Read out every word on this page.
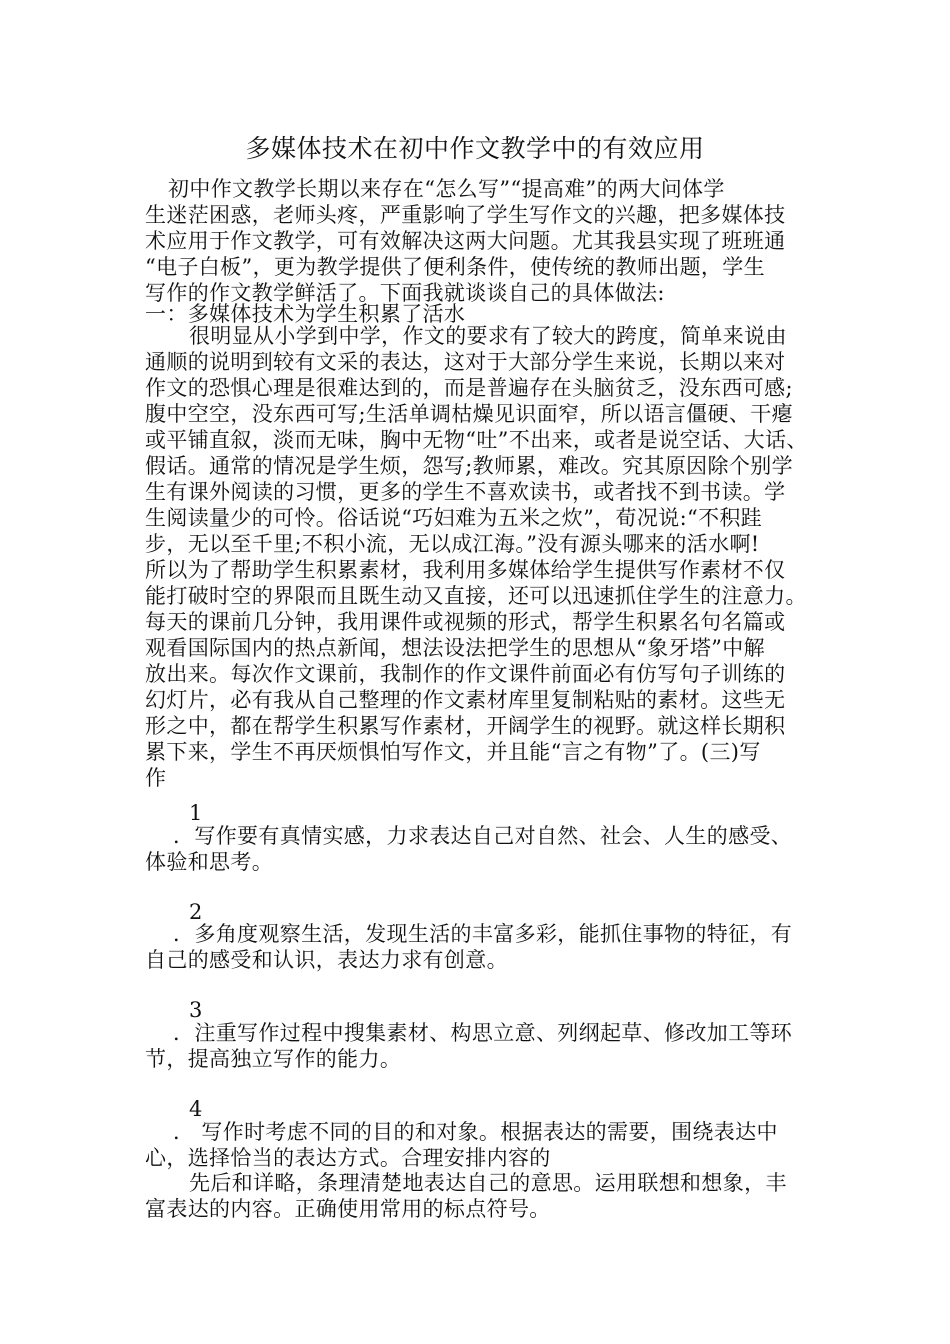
多媒体技术在初中作文教学中的有效应用
初中作文教学长期以来存在“怎么写”“提高难”的两大问体学
生迷茫困惑，老师头疼，严重影响了学生写作文的兴趣，把多媒体技
术应用于作文教学，可有效解决这两大问题。尤其我县实现了班班通
“电子白板”，更为教学提供了便利条件，使传统的教师出题，学生
写作的作文教学鲜活了。下面我就谈谈自己的具体做法:
一：多媒体技术为学生积累了活水
很明显从小学到中学，作文的要求有了较大的跨度，简单来说由
通顺的说明到较有文采的表达，这对于大部分学生来说，长期以来对
作文的恐惧心理是很难达到的，而是普遍存在头脑贫乏，没东西可感;
腹中空空，没东西可写;生活单调枯燥见识面窄，所以语言僵硬、干瘪
或平铺直叙，淡而无味，胸中无物“吐”不出来，或者是说空话、大话、
假话。通常的情况是学生烦，怨写;教师累，难改。究其原因除个别学
生有课外阅读的习惯，更多的学生不喜欢读书，或者找不到书读。学
生阅读量少的可怜。俗话说“巧妇难为五米之炊”，荀况说:“不积跬
步，无以至千里;不积小流，无以成江海。”没有源头哪来的活水啊!
所以为了帮助学生积累素材，我利用多媒体给学生提供写作素材不仅
能打破时空的界限而且既生动又直接，还可以迅速抓住学生的注意力。
每天的课前几分钟，我用课件或视频的形式，帮学生积累名句名篇或
观看国际国内的热点新闻，想法设法把学生的思想从“象牙塔”中解
放出来。每次作文课前，我制作的作文课件前面必有仿写句子训练的
幻灯片，必有我从自己整理的作文素材库里复制粘贴的素材。这些无
形之中，都在帮学生积累写作素材，开阔学生的视野。就这样长期积
累下来，学生不再厌烦惧怕写作文，并且能“言之有物”了。(三)写
作
1
．写作要有真情实感，力求表达自己对自然、社会、人生的感受、
体验和思考。
2
．多角度观察生活，发现生活的丰富多彩，能抓住事物的特征，有
自己的感受和认识，表达力求有创意。
3
．注重写作过程中搜集素材、构思立意、列纲起草、修改加工等环
节，提高独立写作的能力。
4
． 写作时考虑不同的目的和对象。根据表达的需要，围绕表达中
心，选择恰当的表达方式。合理安排内容的
先后和详略，条理清楚地表达自己的意思。运用联想和想象，丰
富表达的内容。正确使用常用的标点符号。
